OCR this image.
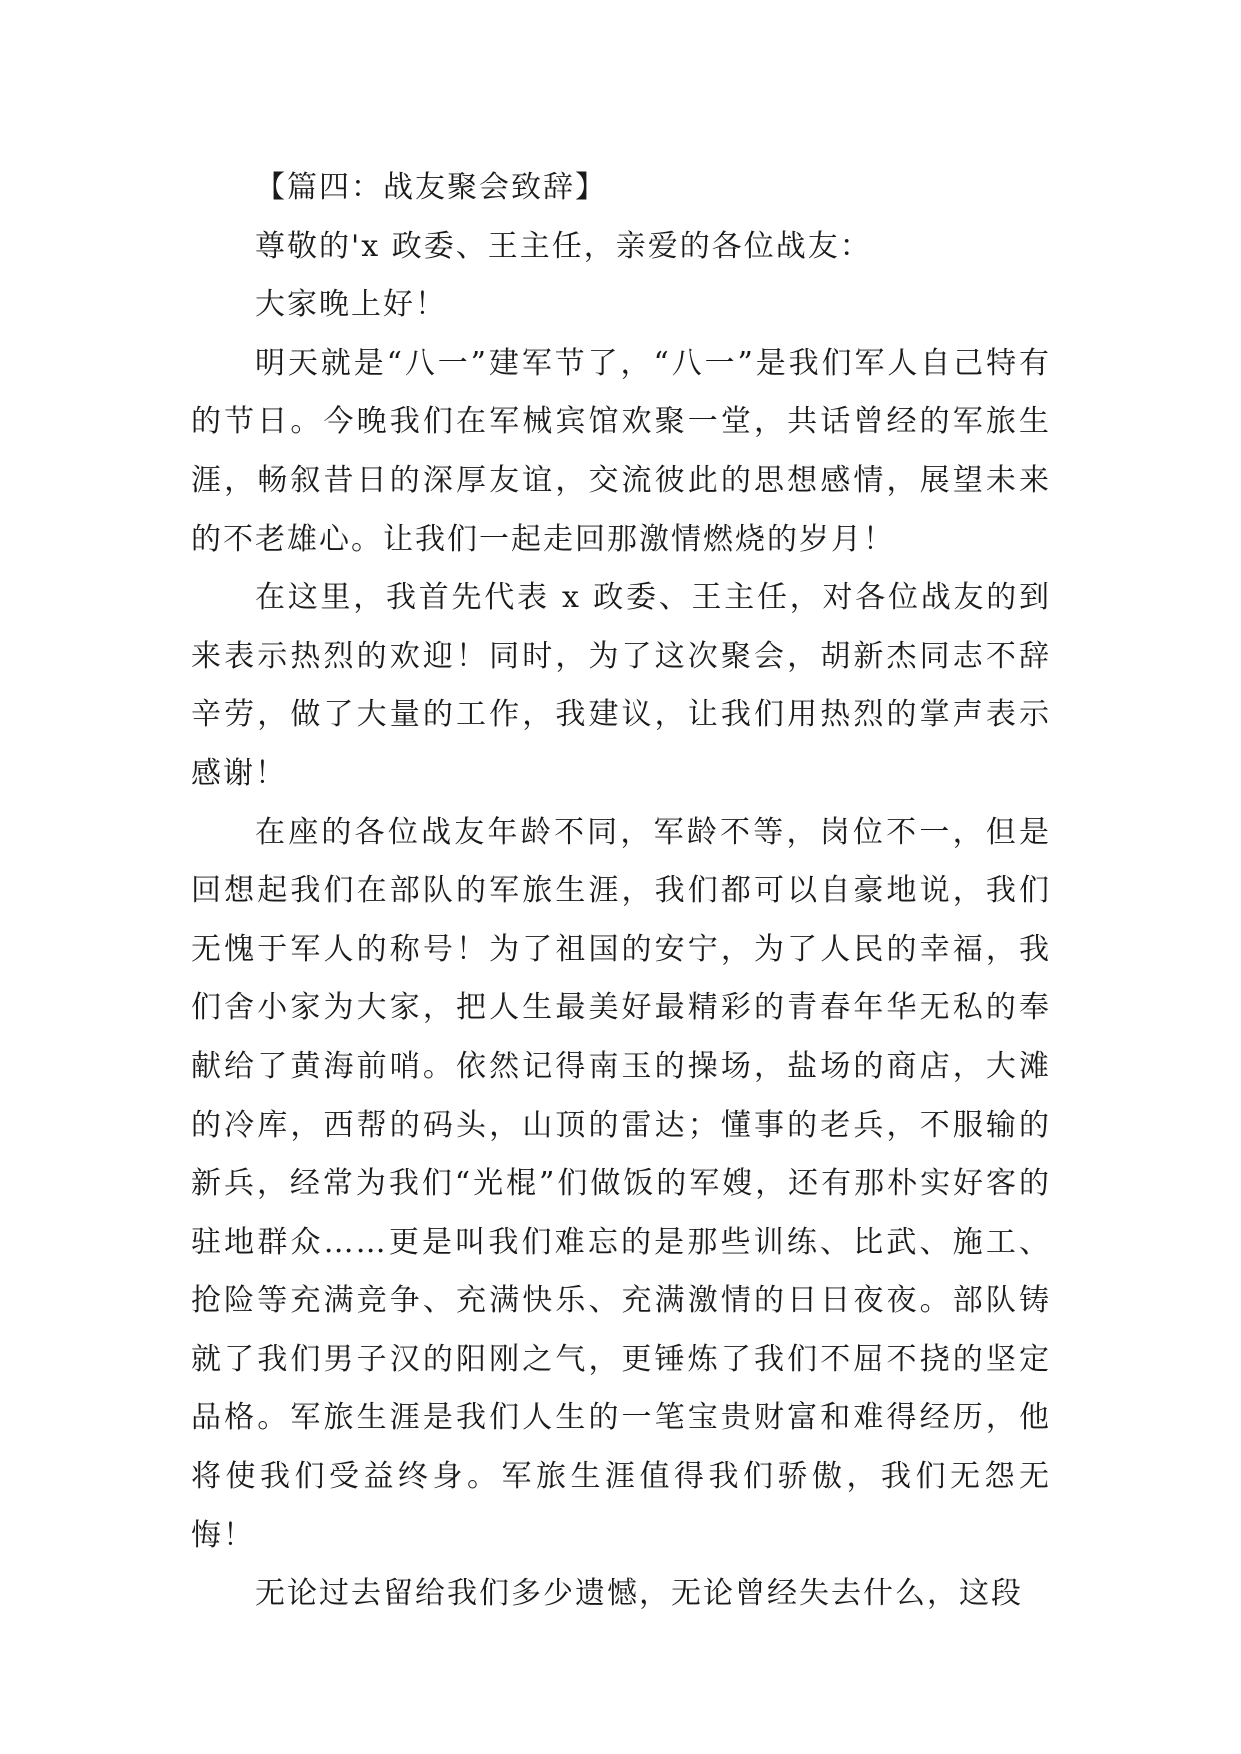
【篇四：战友聚会致辞】

尊敬的'x 政委、王主任，亲爱的各位战友：

大家晚上好！

明天就是“八一”建军节了，“八一”是我们军人自己特有的节日。今晚我们在军械宾馆欢聚一堂，共话曾经的军旅生涯，畅叙昔日的深厚友谊，交流彼此的思想感情，展望未来的不老雄心。让我们一起走回那激情燃烧的岁月！

在这里，我首先代表 x 政委、王主任，对各位战友的到来表示热烈的欢迎！同时，为了这次聚会，胡新杰同志不辞辛劳，做了大量的工作，我建议，让我们用热烈的掌声表示感谢！

在座的各位战友年龄不同，军龄不等，岗位不一，但是回想起我们在部队的军旅生涯，我们都可以自豪地说，我们无愧于军人的称号！为了祖国的安宁，为了人民的幸福，我们舍小家为大家，把人生最美好最精彩的青春年华无私的奉献给了黄海前哨。依然记得南玉的操场，盐场的商店，大滩的冷库，西帮的码头，山顶的雷达；懂事的老兵，不服输的新兵，经常为我们“光棍”们做饭的军嫂，还有那朴实好客的驻地群众……更是叫我们难忘的是那些训练、比武、施工、抢险等充满竞争、充满快乐、充满激情的日日夜夜。部队铸就了我们男子汉的阳刚之气，更锤炼了我们不屈不挠的坚定品格。军旅生涯是我们人生的一笔宝贵财富和难得经历，他将使我们受益终身。军旅生涯值得我们骄傲，我们无怨无悔！

无论过去留给我们多少遗憾，无论曾经失去什么，这段
